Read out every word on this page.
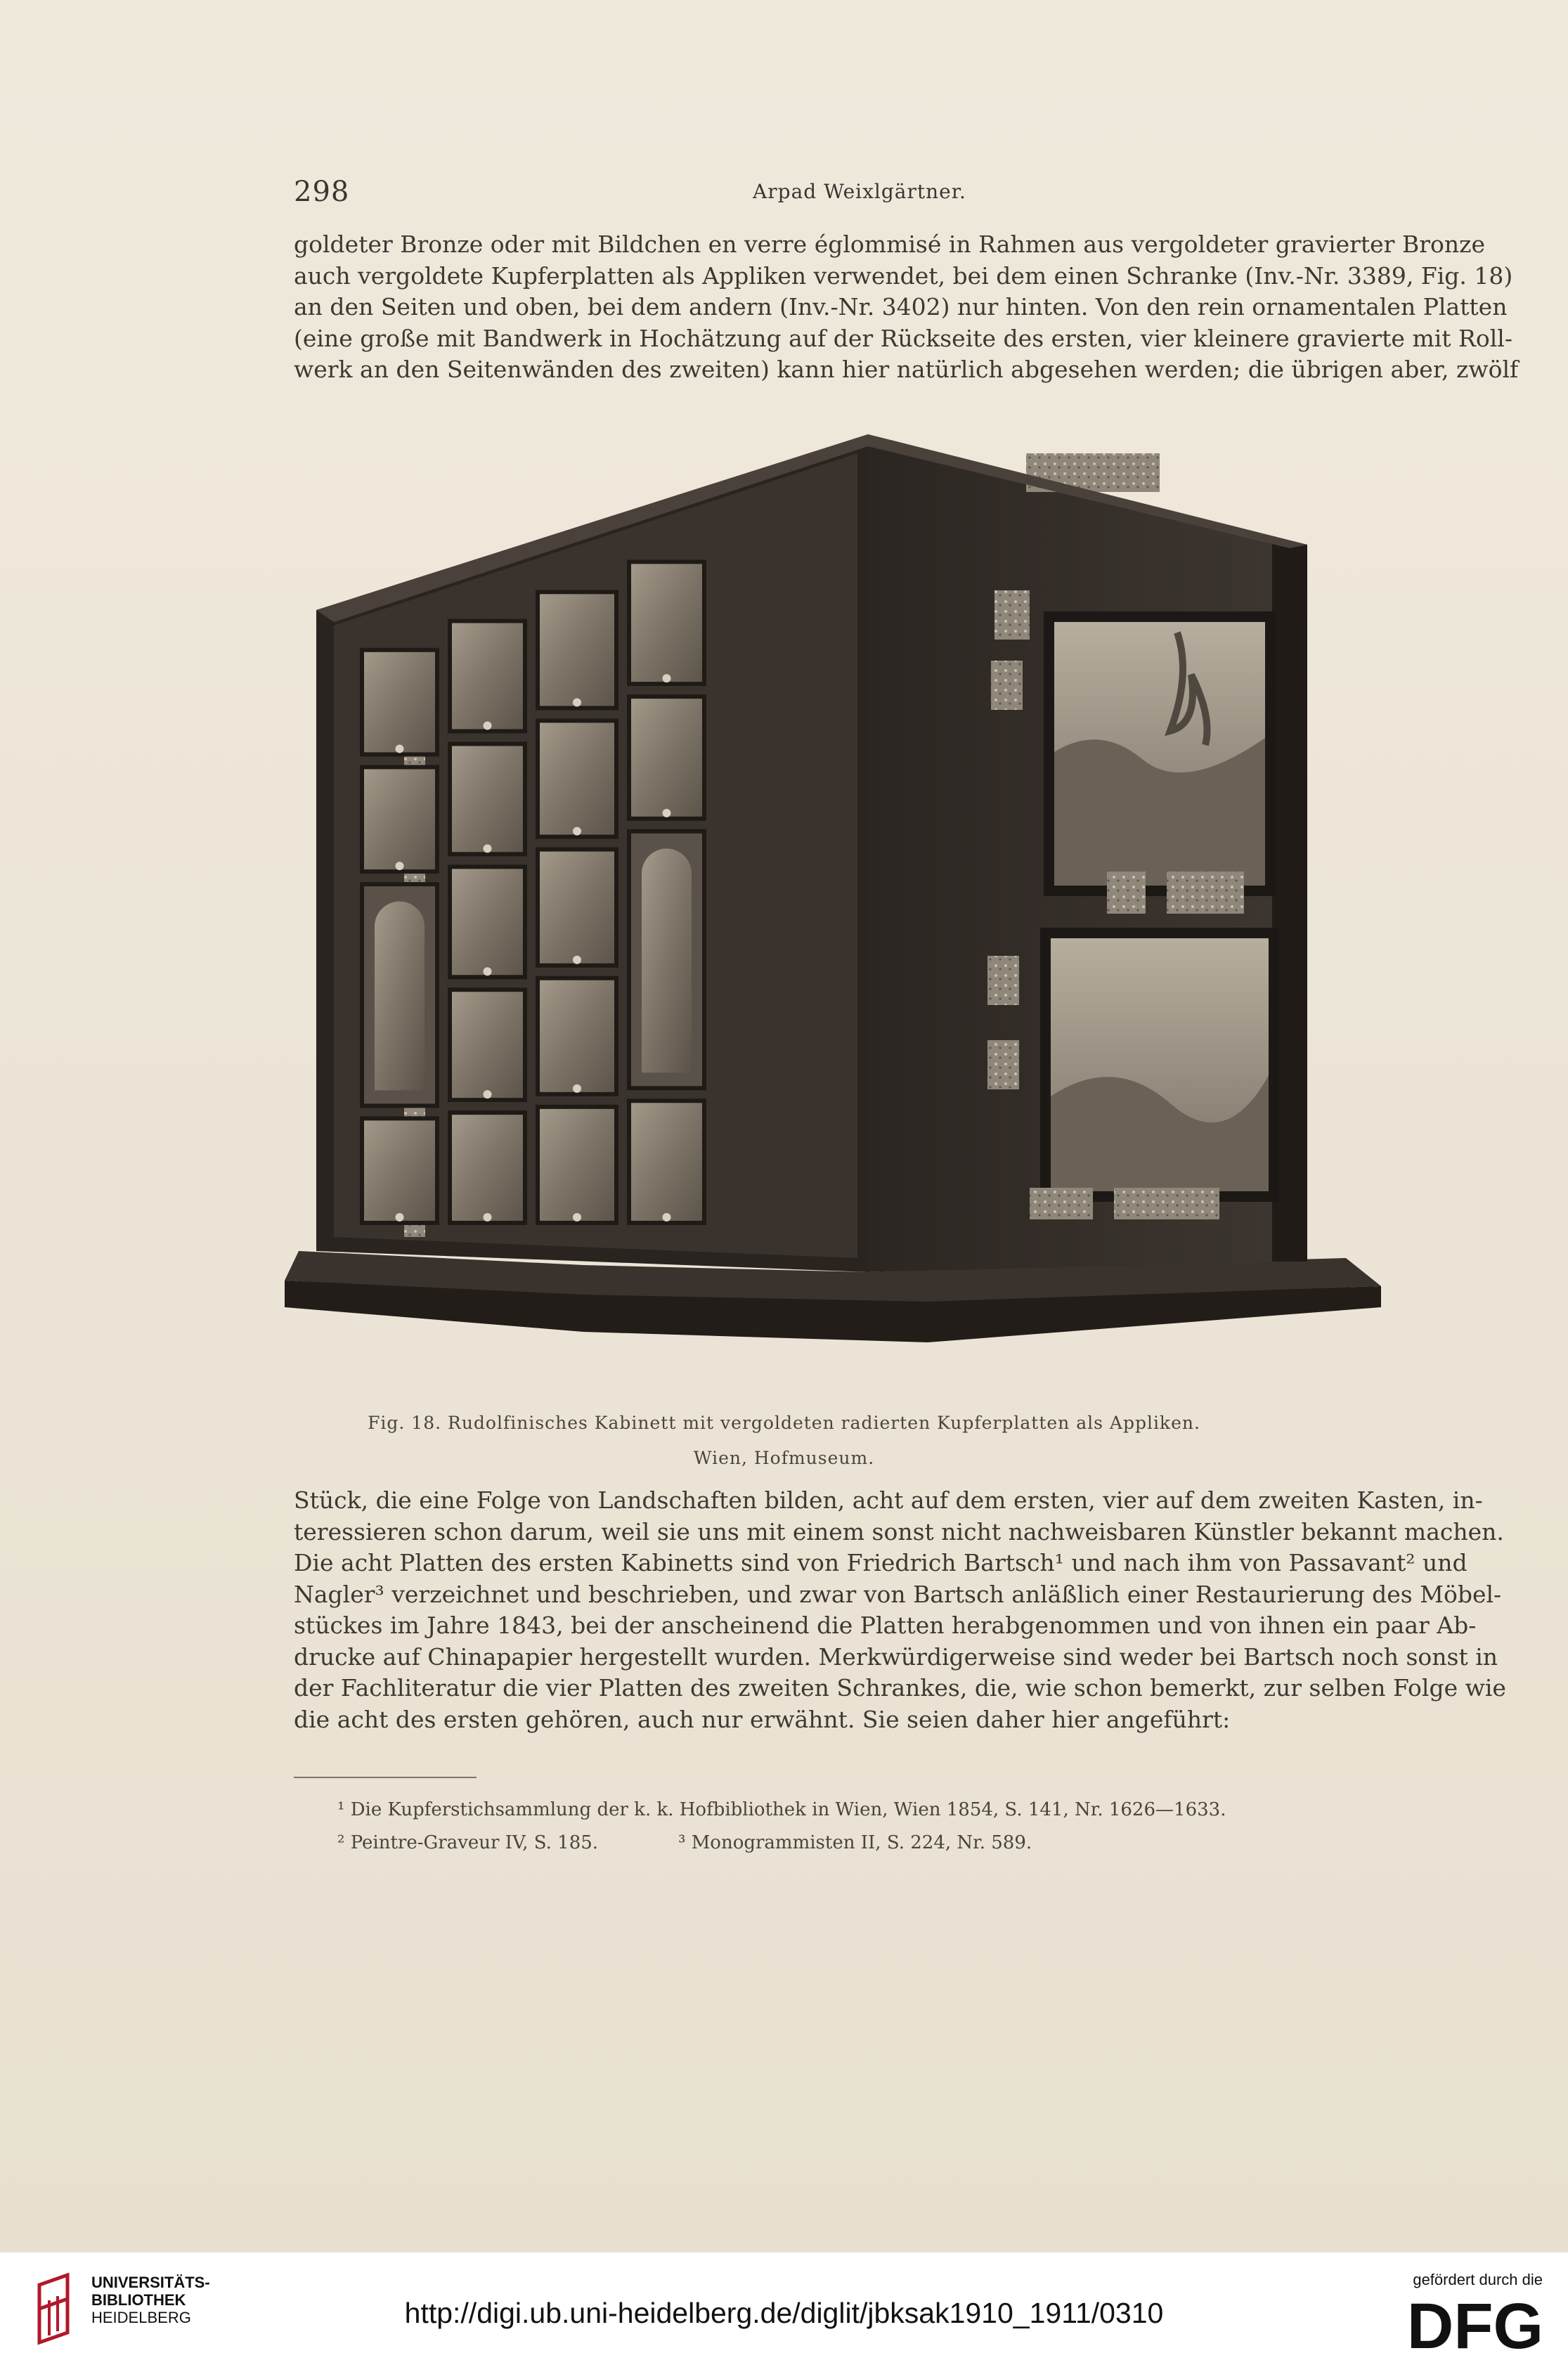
298	Arpad Weixlgärtner.
goldeter Bronze oder mit Bildchen en verre églommisé in Rahmen aus vergoldeter gravierter Bronze
auch vergoldete Kupferplatten als Appliken verwendet, bei dem einen Schranke (Inv.-Nr. 3389, Fig. 18)
an den Seiten und oben, bei dem andern (Inv.-Nr. 3402) nur hinten. Von den rein ornamentalen Platten
(eine große mit Bandwerk in Hochätzung auf der Rückseite des ersten, vier kleinere gravierte mit Roll-
werk an den Seitenwänden des zweiten) kann hier natürlich abgesehen werden; die übrigen aber, zwölf
Fig. 18. Rudolfinisches Kabinett mit vergoldeten radierten Kupferplatten als Appliken.
Wien, Hofmuseum.
Stück, die eine Folge von Landschaften bilden, acht auf dem ersten, vier auf dem zweiten Kasten, in-
teressieren schon darum, weil sie uns mit einem sonst nicht nachweisbaren Künstler bekannt machen.
Die acht Platten des ersten Kabinetts sind von Friedrich Bartsch¹ und nach ihm von Passavant² und
Nagler³ verzeichnet und beschrieben, und zwar von Bartsch anläßlich einer Restaurierung des Möbel-
stückes im Jahre 1843, bei der anscheinend die Platten herabgenommen und von ihnen ein paar Ab-
drucke auf Chinapapier hergestellt wurden. Merkwürdigerweise sind weder bei Bartsch noch sonst in
der Fachliteratur die vier Platten des zweiten Schrankes, die, wie schon bemerkt, zur selben Folge wie
die acht des ersten gehören, auch nur erwähnt. Sie seien daher hier angeführt:
¹ Die Kupferstichsammlung der k. k. Hofbibliothek in Wien, Wien 1854, S. 141, Nr. 1626—1633.
² Peintre-Graveur IV, S. 185.	³ Monogrammisten II, S. 224, Nr. 589.
UNIVERSITÄTS-
BIBLIOTHEK
HEIDELBERG	http://digi.ub.uni-heidelberg.de/diglit/jbksak1910_1911/0310
gefördert durch die
DFG
